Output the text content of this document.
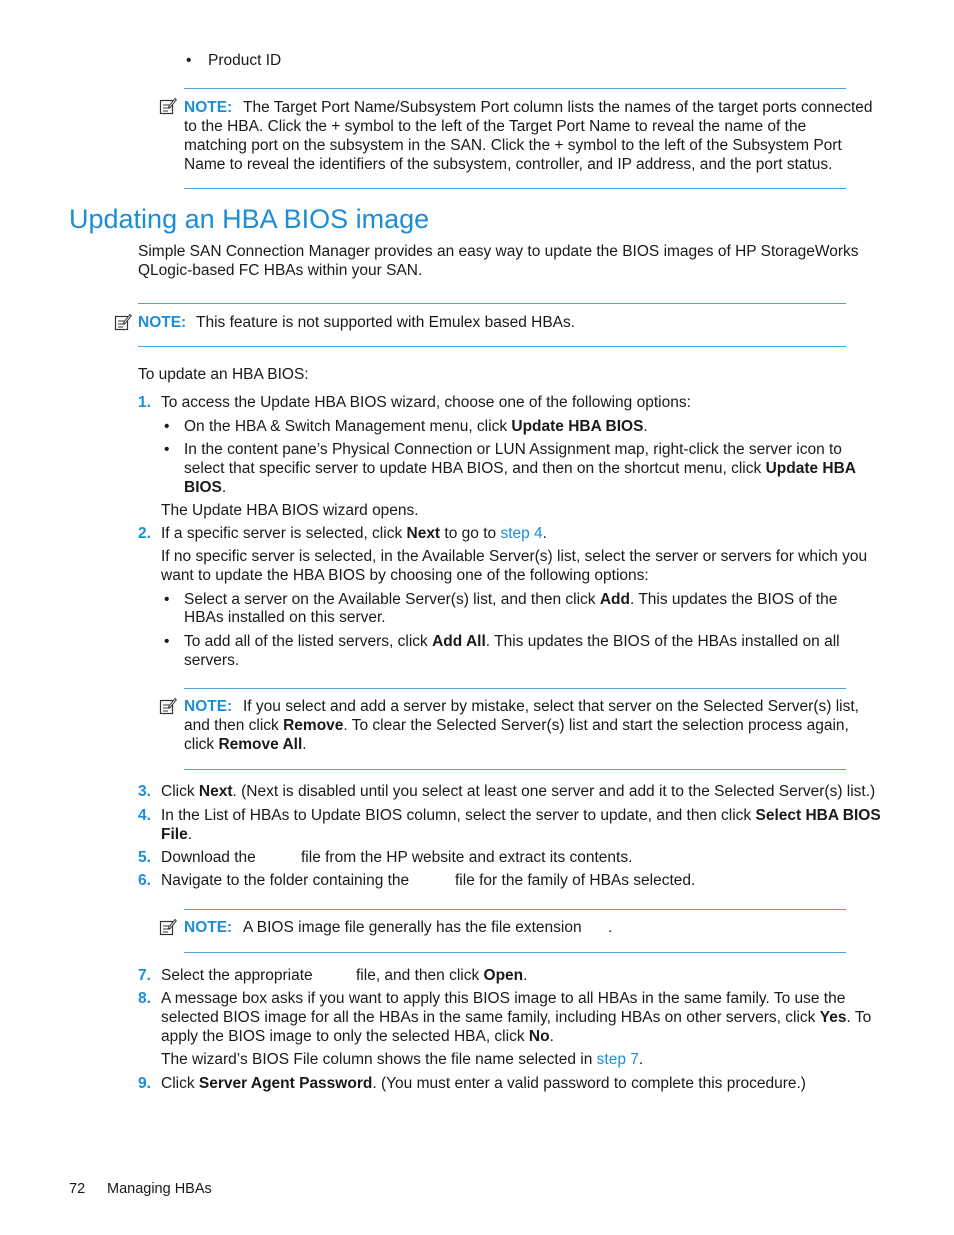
• Product ID
NOTE: The Target Port Name/Subsystem Port column lists the names of the target ports connected
to the HBA. Click the + symbol to the left of the Target Port Name to reveal the name of the
matching port on the subsystem in the SAN. Click the + symbol to the left of the Subsystem Port
Name to reveal the identifiers of the subsystem, controller, and IP address, and the port status.
Updating an HBA BIOS image
Simple SAN Connection Manager provides an easy way to update the BIOS images of HP StorageWorks
QLogic-based FC HBAs within your SAN.
NOTE: This feature is not supported with Emulex based HBAs.
To update an HBA BIOS:
1. To access the Update HBA BIOS wizard, choose one of the following options:
• On the HBA & Switch Management menu, click Update HBA BIOS.
• In the content pane’s Physical Connection or LUN Assignment map, right-click the server icon to
select that specific server to update HBA BIOS, and then on the shortcut menu, click Update HBA
BIOS.
The Update HBA BIOS wizard opens.
2. If a specific server is selected, click Next to go to step 4.
If no specific server is selected, in the Available Server(s) list, select the server or servers for which you
want to update the HBA BIOS by choosing one of the following options:
• Select a server on the Available Server(s) list, and then click Add. This updates the BIOS of the
HBAs installed on this server.
• To add all of the listed servers, click Add All. This updates the BIOS of the HBAs installed on all
servers.
NOTE: If you select and add a server by mistake, select that server on the Selected Server(s) list,
and then click Remove. To clear the Selected Server(s) list and start the selection process again,
click Remove All.
3. Click Next. (Next is disabled until you select at least one server and add it to the Selected Server(s) list.)
4. In the List of HBAs to Update BIOS column, select the server to update, and then click Select HBA BIOS
File.
5. Download the	file from the HP website and extract its contents.
6. Navigate to the folder containing the	file for the family of HBAs selected.
NOTE: A BIOS image file generally has the file extension .
7. Select the appropriate	file, and then click Open.
8. A message box asks if you want to apply this BIOS image to all HBAs in the same family. To use the
selected BIOS image for all the HBAs in the same family, including HBAs on other servers, click Yes. To
apply the BIOS image to only the selected HBA, click No.
The wizard’s BIOS File column shows the file name selected in step 7.
9. Click Server Agent Password. (You must enter a valid password to complete this procedure.)
72 Managing HBAs
